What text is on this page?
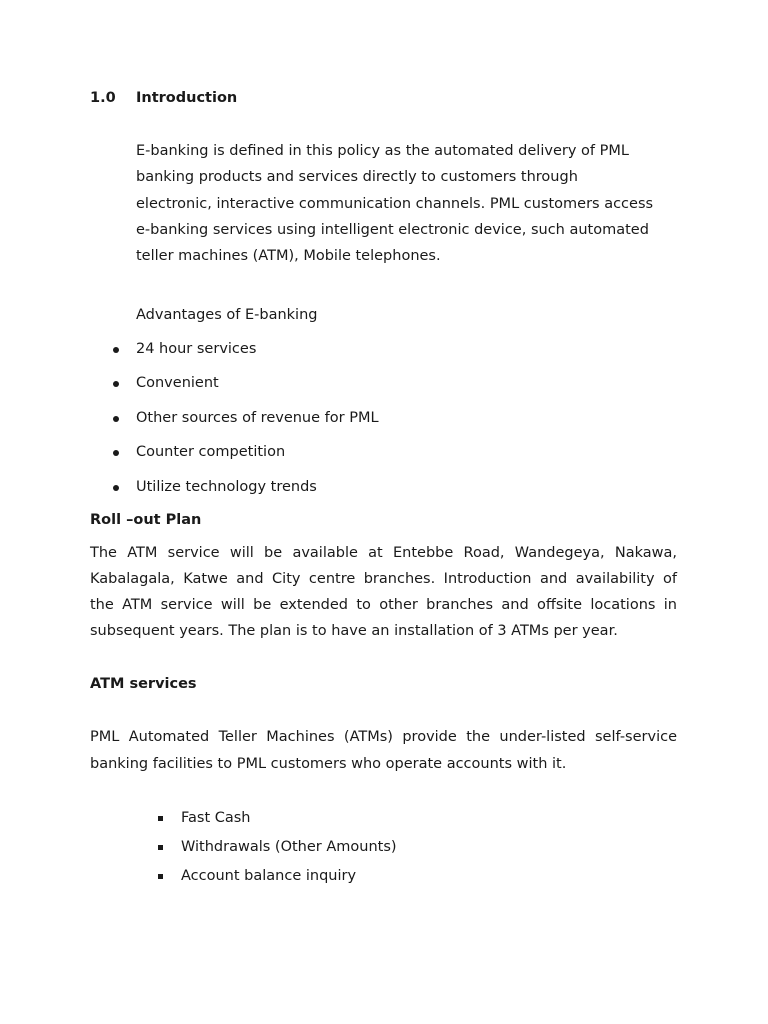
1.0 Introduction
E-banking is defined in this policy as the automated delivery of PML
banking products and services directly to customers through
electronic, interactive communication channels. PML customers access
e-banking services using intelligent electronic device, such automated
teller machines (ATM), Mobile telephones.
Advantages of E-banking
24 hour services
Convenient
Other sources of revenue for PML
Counter competition
Utilize technology trends
Roll –out Plan
The ATM service will be available at Entebbe Road, Wandegeya, Nakawa,
Kabalagala, Katwe and City centre branches. Introduction and availability of
the ATM service will be extended to other branches and offsite locations in
subsequent years. The plan is to have an installation of 3 ATMs per year.
ATM services
PML Automated Teller Machines (ATMs) provide the under-listed self-service
banking facilities to PML customers who operate accounts with it.
Fast Cash
Withdrawals (Other Amounts)
Account balance inquiry
